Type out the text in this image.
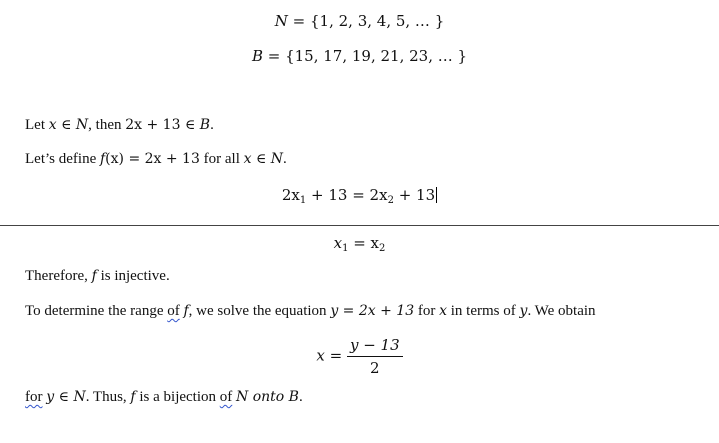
N = {1, 2, 3, 4, 5, … }
B = {15, 17, 19, 21, 23, … }
Let x ∈ N, then 2x + 13 ∈ B.
Let’s define f(x) = 2x + 13 for all x ∈ N.
$2x_1 + 13 = 2x_2 + 13$
$x_1 = x_2$
Therefore, f is injective.
To determine the range of f, we solve the equation y = 2x + 13 for x in terms of y. We obtain
$x = \frac{y - 13}{2}$
for y ∈ N. Thus, f is a bijection of N onto B.
